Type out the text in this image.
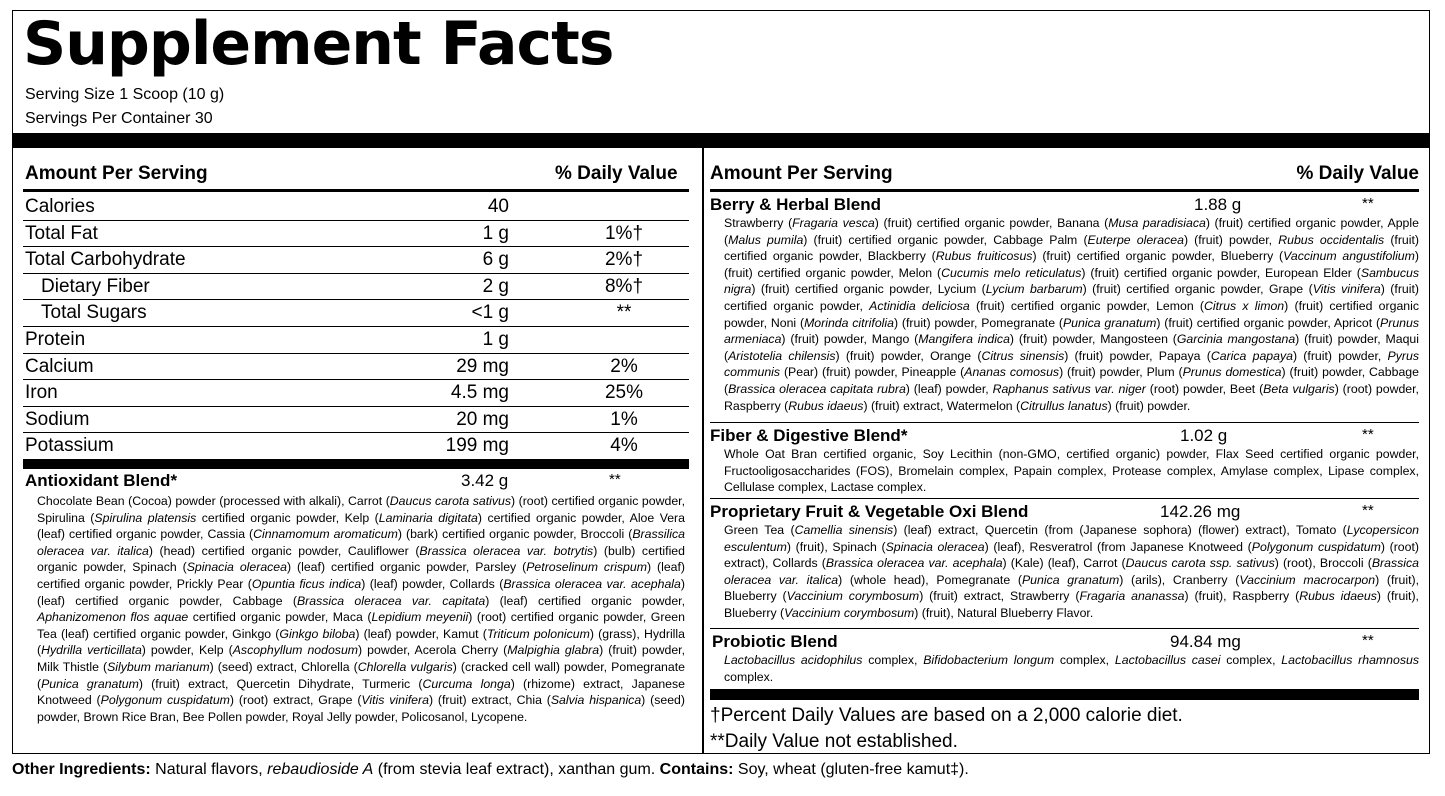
Supplement Facts
Serving Size 1 Scoop (10 g)
Servings Per Container 30
Amount Per Serving	% Daily Value
Calories	40
Total Fat	1 g	1%†
Total Carbohydrate	6 g	2%†
Dietary Fiber	2 g	8%†
Total Sugars	<1 g	**
Protein	1 g
Calcium	29 mg	2%
Iron	4.5 mg	25%
Sodium	20 mg	1%
Potassium	199 mg	4%
Antioxidant Blend*	3.42 g	**
Chocolate Bean (Cocoa) powder (processed with alkali), Carrot (Daucus carota sativus) (root) certified organic powder, Spirulina (Spirulina platensis certified organic powder, Kelp (Laminaria digitata) certified organic powder, Aloe Vera (leaf) certified organic powder, Cassia (Cinnamomum aromaticum) (bark) certified organic powder, Broccoli (Brassilica oleracea var. italica) (head) certified organic powder, Cauliflower (Brassica oleracea var. botrytis) (bulb) certified organic powder, Spinach (Spinacia oleracea) (leaf) certified organic powder, Parsley (Petroselinum crispum) (leaf) certified organic powder, Prickly Pear (Opuntia ficus indica) (leaf) powder, Collards (Brassica oleracea var. acephala) (leaf) certified organic powder, Cabbage (Brassica oleracea var. capitata) (leaf) certified organic powder, Aphanizomenon flos aquae certified organic powder, Maca (Lepidium meyenii) (root) certified organic powder, Green Tea (leaf) certified organic powder, Ginkgo (Ginkgo biloba) (leaf) powder, Kamut (Triticum polonicum) (grass), Hydrilla (Hydrilla verticillata) powder, Kelp (Ascophyllum nodosum) powder, Acerola Cherry (Malpighia glabra) (fruit) powder, Milk Thistle (Silybum marianum) (seed) extract, Chlorella (Chlorella vulgaris) (cracked cell wall) powder, Pomegranate (Punica granatum) (fruit) extract, Quercetin Dihydrate, Turmeric (Curcuma longa) (rhizome) extract, Japanese Knotweed (Polygonum cuspidatum) (root) extract, Grape (Vitis vinifera) (fruit) extract, Chia (Salvia hispanica) (seed) powder, Brown Rice Bran, Bee Pollen powder, Royal Jelly powder, Policosanol, Lycopene.
Amount Per Serving	% Daily Value
Berry & Herbal Blend	1.88 g	**
Strawberry (Fragaria vesca) (fruit) certified organic powder, Banana (Musa paradisiaca) (fruit) certified organic powder, Apple (Malus pumila) (fruit) certified organic powder, Cabbage Palm (Euterpe oleracea) (fruit) powder, Rubus occidentalis (fruit) certified organic powder, Blackberry (Rubus fruiticosus) (fruit) certified organic powder, Blueberry (Vaccinum angustifolium) (fruit) certified organic powder, Melon (Cucumis melo reticulatus) (fruit) certified organic powder, European Elder (Sambucus nigra) (fruit) certified organic powder, Lycium (Lycium barbarum) (fruit) certified organic powder, Grape (Vitis vinifera) (fruit) certified organic powder, Actinidia deliciosa (fruit) certified organic powder, Lemon (Citrus x limon) (fruit) certified organic powder, Noni (Morinda citrifolia) (fruit) powder, Pomegranate (Punica granatum) (fruit) certified organic powder, Apricot (Prunus armeniaca) (fruit) powder, Mango (Mangifera indica) (fruit) powder, Mangosteen (Garcinia mangostana) (fruit) powder, Maqui (Aristotelia chilensis) (fruit) powder, Orange (Citrus sinensis) (fruit) powder, Papaya (Carica papaya) (fruit) powder, Pyrus communis (Pear) (fruit) powder, Pineapple (Ananas comosus) (fruit) powder, Plum (Prunus domestica) (fruit) powder, Cabbage (Brassica oleracea capitata rubra) (leaf) powder, Raphanus sativus var. niger (root) powder, Beet (Beta vulgaris) (root) powder, Raspberry (Rubus idaeus) (fruit) extract, Watermelon (Citrullus lanatus) (fruit) powder.
Fiber & Digestive Blend*	1.02 g	**
Whole Oat Bran certified organic, Soy Lecithin (non-GMO, certified organic) powder, Flax Seed certified organic powder, Fructooligosaccharides (FOS), Bromelain complex, Papain complex, Protease complex, Amylase complex, Lipase complex, Cellulase complex, Lactase complex.
Proprietary Fruit & Vegetable Oxi Blend	142.26 mg	**
Green Tea (Camellia sinensis) (leaf) extract, Quercetin (from (Japanese sophora) (flower) extract), Tomato (Lycopersicon esculentum) (fruit), Spinach (Spinacia oleracea) (leaf), Resveratrol (from Japanese Knotweed (Polygonum cuspidatum) (root) extract), Collards (Brassica oleracea var. acephala) (Kale) (leaf), Carrot (Daucus carota ssp. sativus) (root), Broccoli (Brassica oleracea var. italica) (whole head), Pomegranate (Punica granatum) (arils), Cranberry (Vaccinium macrocarpon) (fruit), Blueberry (Vaccinium corymbosum) (fruit) extract, Strawberry (Fragaria ananassa) (fruit), Raspberry (Rubus idaeus) (fruit), Blueberry (Vaccinium corymbosum) (fruit), Natural Blueberry Flavor.
Probiotic Blend	94.84 mg	**
Lactobacillus acidophilus complex, Bifidobacterium longum complex, Lactobacillus casei complex, Lactobacillus rhamnosus complex.
†Percent Daily Values are based on a 2,000 calorie diet.
**Daily Value not established.
Other Ingredients: Natural flavors, rebaudioside A (from stevia leaf extract), xanthan gum. Contains: Soy, wheat (gluten-free kamut‡).
